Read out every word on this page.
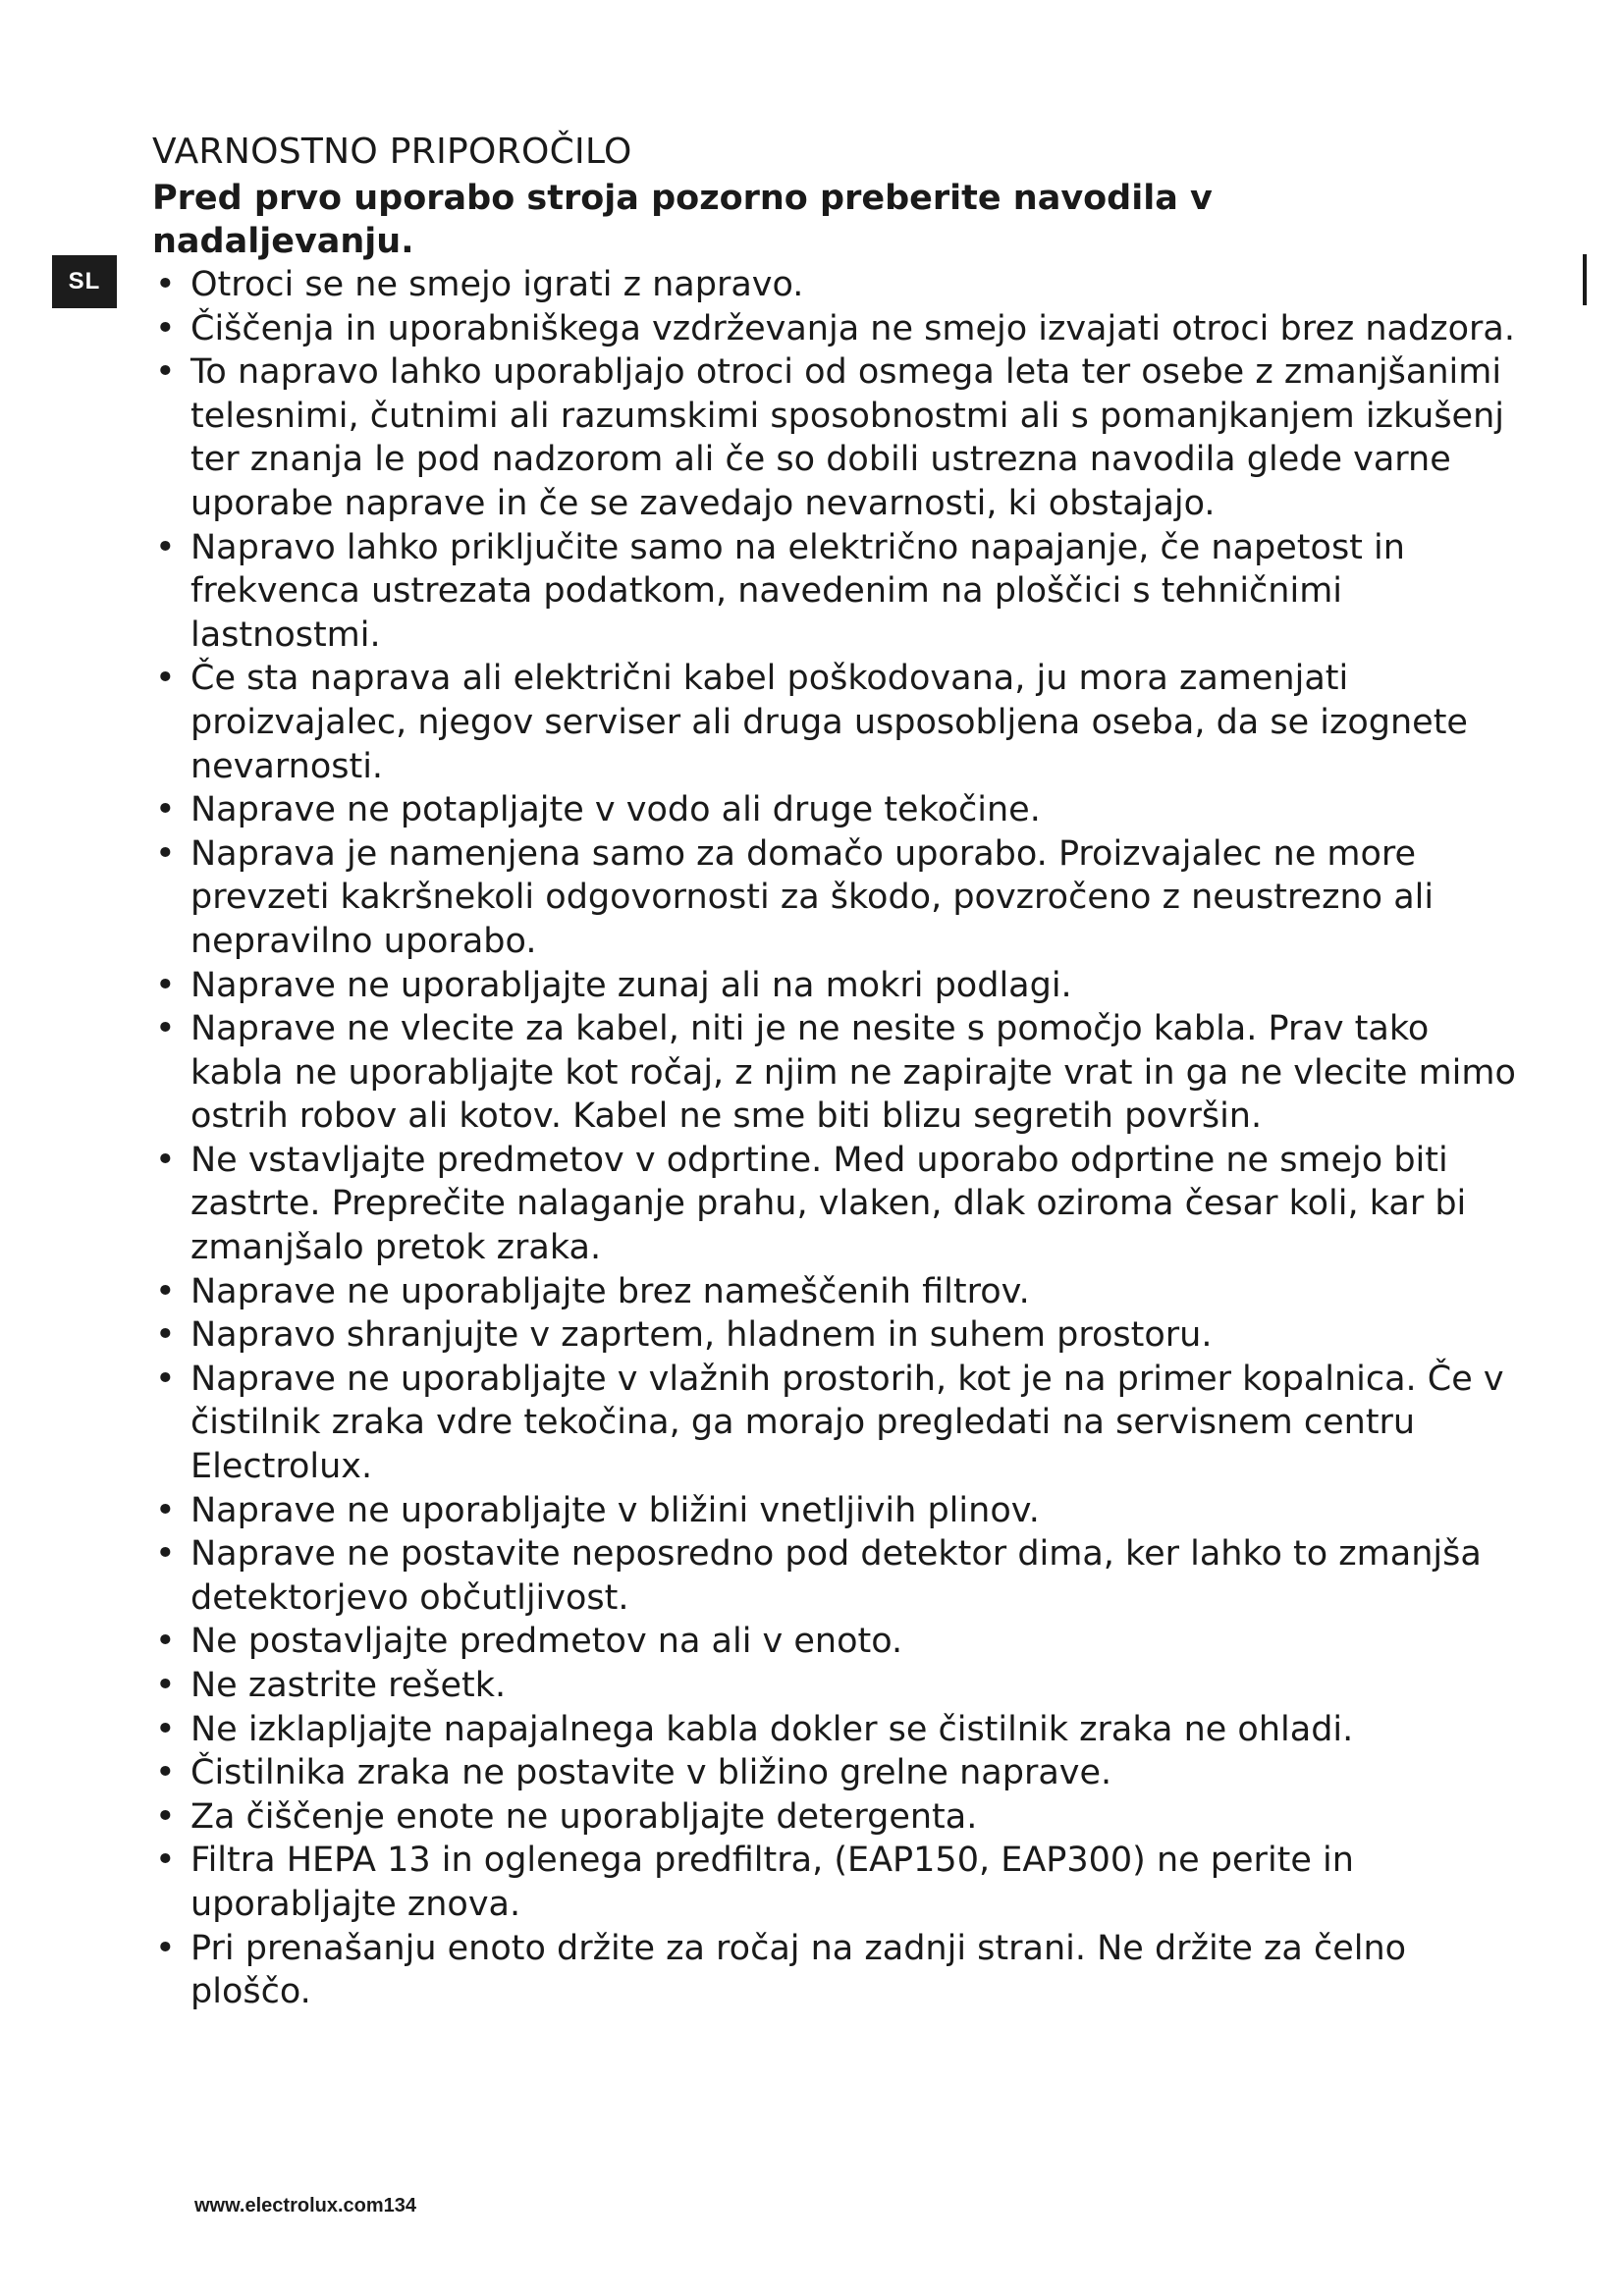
SL
VARNOSTNO PRIPOROČILO

Pred prvo uporabo stroja pozorno preberite navodila v nadaljevanju.

• Otroci se ne smejo igrati z napravo.
• Čiščenja in uporabniškega vzdrževanja ne smejo izvajati otroci brez nadzora.
• To napravo lahko uporabljajo otroci od osmega leta ter osebe z zmanjšanimi telesnimi, čutnimi ali razumskimi sposobnostmi ali s pomanjkanjem izkušenj ter znanja le pod nadzorom ali če so dobili ustrezna navodila glede varne uporabe naprave in če se zavedajo nevarnosti, ki obstajajo.
• Napravo lahko priključite samo na električno napajanje, če napetost in frekvenca ustrezata podatkom, navedenim na ploščici s tehničnimi lastnostmi.
• Če sta naprava ali električni kabel poškodovana, ju mora zamenjati proizvajalec, njegov serviser ali druga usposobljena oseba, da se izognete nevarnosti.
• Naprave ne potapljajte v vodo ali druge tekočine.
• Naprava je namenjena samo za domačo uporabo. Proizvajalec ne more prevzeti kakršnekoli odgovornosti za škodo, povzročeno z neustrezno ali nepravilno uporabo.
• Naprave ne uporabljajte zunaj ali na mokri podlagi.
• Naprave ne vlecite za kabel, niti je ne nesite s pomočjo kabla. Prav tako kabla ne uporabljajte kot ročaj, z njim ne zapirajte vrat in ga ne vlecite mimo ostrih robov ali kotov. Kabel ne sme biti blizu segretih površin.
• Ne vstavljajte predmetov v odprtine. Med uporabo odprtine ne smejo biti zastrte. Preprečite nalaganje prahu, vlaken, dlak oziroma česar koli, kar bi zmanjšalo pretok zraka.
• Naprave ne uporabljajte brez nameščenih filtrov.
• Napravo shranjujte v zaprtem, hladnem in suhem prostoru.
• Naprave ne uporabljajte v vlažnih prostorih, kot je na primer kopalnica. Če v čistilnik zraka vdre tekočina, ga morajo pregledati na servisnem centru Electrolux.
• Naprave ne uporabljajte v bližini vnetljivih plinov.
• Naprave ne postavite neposredno pod detektor dima, ker lahko to zmanjša detektorjevo občutljivost.
• Ne postavljajte predmetov na ali v enoto.
• Ne zastrite rešetk.
• Ne izklapljajte napajalnega kabla dokler se čistilnik zraka ne ohladi.
• Čistilnika zraka ne postavite v bližino grelne naprave.
• Za čiščenje enote ne uporabljajte detergenta.
• Filtra HEPA 13 in oglenega predfiltra, (EAP150, EAP300) ne perite in uporabljajte znova.
• Pri prenašanju enoto držite za ročaj na zadnji strani. Ne držite za čelno ploščo.
www.electrolux.com134
